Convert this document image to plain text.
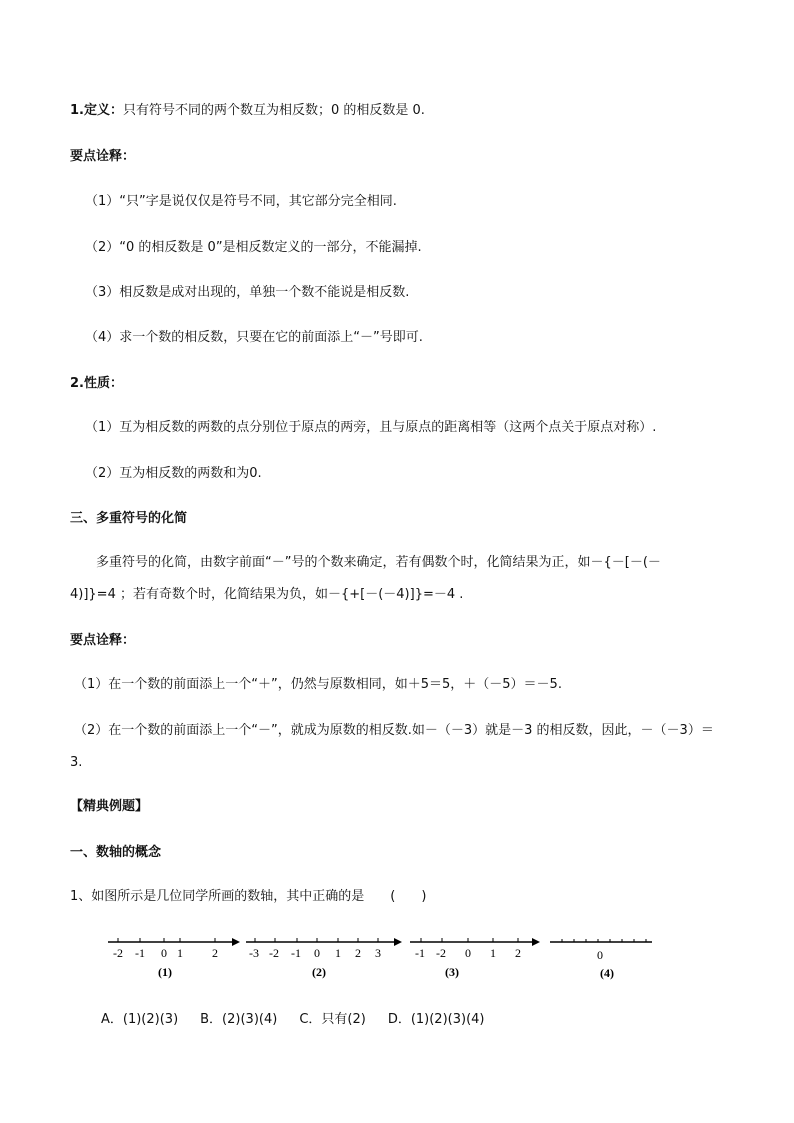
1.定义：只有符号不同的两个数互为相反数；0 的相反数是 0.
要点诠释：
（1）“只”字是说仅仅是符号不同，其它部分完全相同.
（2）“0 的相反数是 0”是相反数定义的一部分，不能漏掉.
（3）相反数是成对出现的，单独一个数不能说是相反数.
（4）求一个数的相反数，只要在它的前面添上“－”号即可.
2.性质：
（1）互为相反数的两数的点分别位于原点的两旁，且与原点的距离相等（这两个点关于原点对称）.
（2）互为相反数的两数和为0.
三、多重符号的化简
多重符号的化简，由数字前面“－”号的个数来确定，若有偶数个时，化简结果为正，如－{－[－(－
4)]}=4 ；若有奇数个时，化简结果为负，如－{+[－(－4)]}=－4 .
要点诠释：
（1）在一个数的前面添上一个“＋”，仍然与原数相同，如＋5＝5，＋（－5）＝－5.
（2）在一个数的前面添上一个“－”，就成为原数的相反数.如－（－3）就是－3 的相反数，因此，－（－3）＝
3.
【精典例题】
一、数轴的概念
1、如图所示是几位同学所画的数轴，其中正确的是 (　　)
-2 -1 0 1 2
(1)
-3 -2 -1 0 1 2 3
(2)
-1 -2 0 1 2
(3)
0
(4)
A．(1)(2)(3) B．(2)(3)(4) C．只有(2) D．(1)(2)(3)(4)
